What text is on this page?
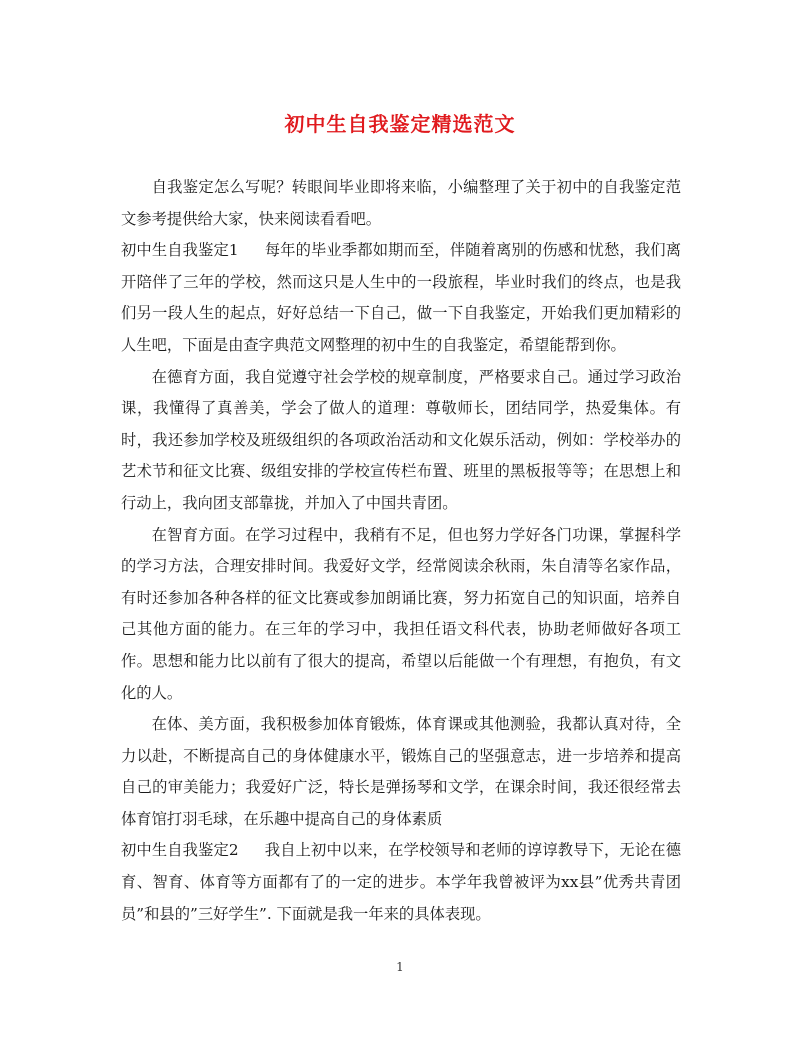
初中生自我鉴定精选范文

自我鉴定怎么写呢？转眼间毕业即将来临，小编整理了关于初中的自我鉴定范文参考提供给大家，快来阅读看看吧。

初中生自我鉴定1 每年的毕业季都如期而至，伴随着离别的伤感和忧愁，我们离开陪伴了三年的学校，然而这只是人生中的一段旅程，毕业时我们的终点，也是我们另一段人生的起点，好好总结一下自己，做一下自我鉴定，开始我们更加精彩的人生吧，下面是由查字典范文网整理的初中生的自我鉴定，希望能帮到你。

在德育方面，我自觉遵守社会学校的规章制度，严格要求自己。通过学习政治课，我懂得了真善美，学会了做人的道理：尊敬师长，团结同学，热爱集体。有时，我还参加学校及班级组织的各项政治活动和文化娱乐活动，例如：学校举办的艺术节和征文比赛、级组安排的学校宣传栏布置、班里的黑板报等等；在思想上和行动上，我向团支部靠拢，并加入了中国共青团。

在智育方面。在学习过程中，我稍有不足，但也努力学好各门功课，掌握科学的学习方法，合理安排时间。我爱好文学，经常阅读余秋雨，朱自清等名家作品，有时还参加各种各样的征文比赛或参加朗诵比赛，努力拓宽自己的知识面，培养自己其他方面的能力。在三年的学习中，我担任语文科代表，协助老师做好各项工作。思想和能力比以前有了很大的提高，希望以后能做一个有理想，有抱负，有文化的人。

在体、美方面，我积极参加体育锻炼，体育课或其他测验，我都认真对待，全力以赴，不断提高自己的身体健康水平，锻炼自己的坚强意志，进一步培养和提高自己的审美能力；我爱好广泛，特长是弹扬琴和文学，在课余时间，我还很经常去体育馆打羽毛球，在乐趣中提高自己的身体素质

初中生自我鉴定2 我自上初中以来，在学校领导和老师的谆谆教导下，无论在德育、智育、体育等方面都有了的一定的进步。本学年我曾被评为xx县”优秀共青团员”和县的”三好学生”. 下面就是我一年来的具体表现。

1
